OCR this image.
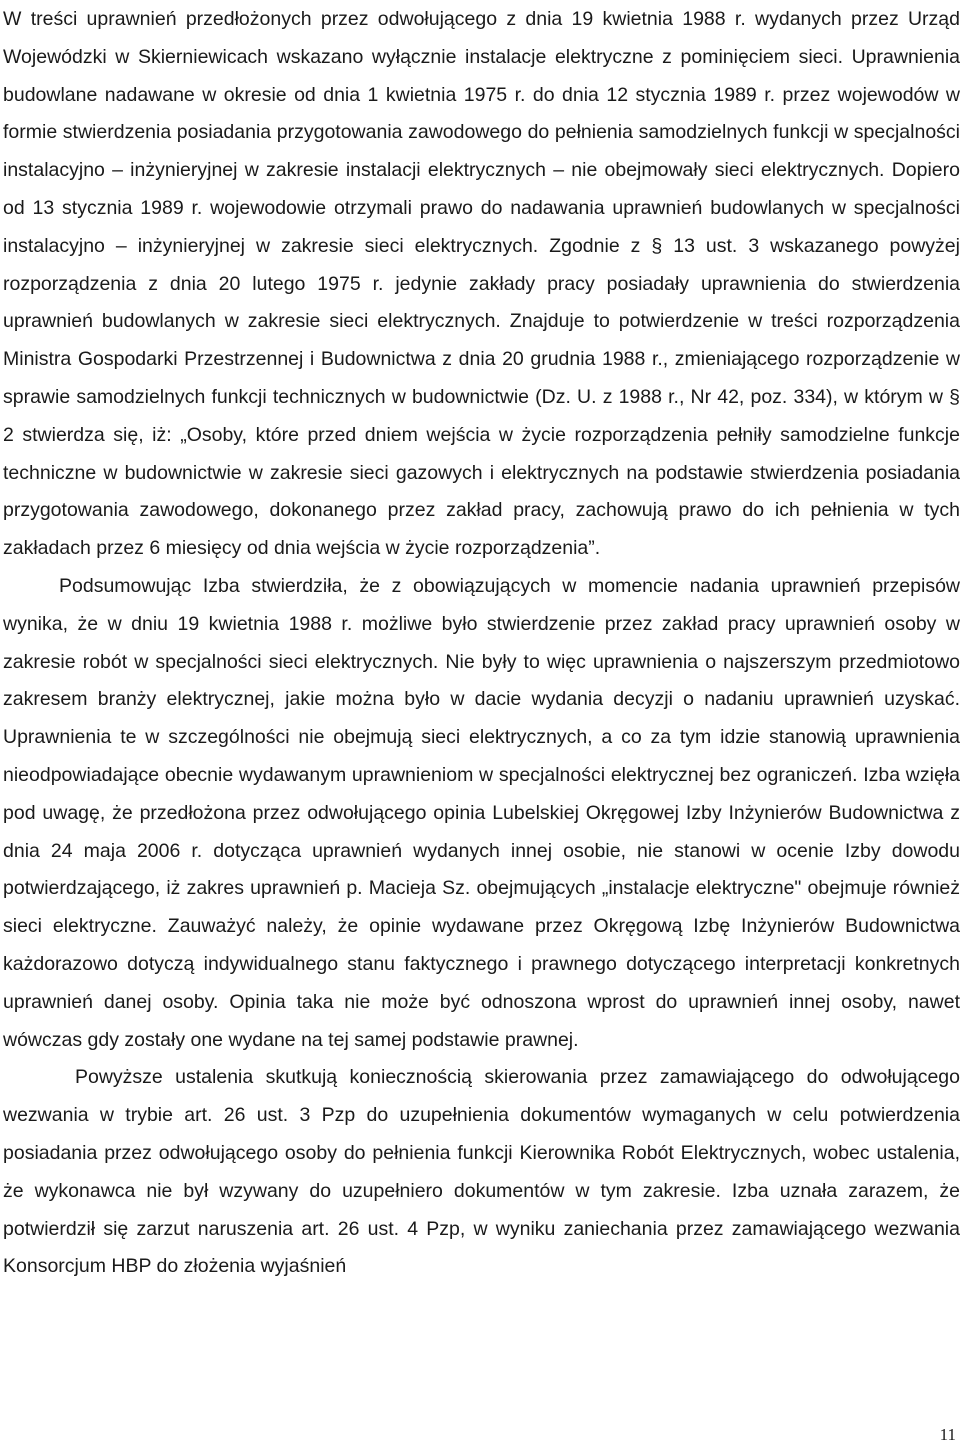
W treści uprawnień przedłożonych przez odwołującego z dnia 19 kwietnia 1988 r. wydanych przez Urząd Wojewódzki w Skierniewicach wskazano wyłącznie instalacje elektryczne z pominięciem sieci. Uprawnienia budowlane nadawane w okresie od dnia 1 kwietnia 1975 r. do dnia 12 stycznia 1989 r. przez wojewodów w formie stwierdzenia posiadania przygotowania zawodowego do pełnienia samodzielnych funkcji w specjalności instalacyjno – inżynieryjnej w zakresie instalacji elektrycznych – nie obejmowały sieci elektrycznych. Dopiero od 13 stycznia 1989 r. wojewodowie otrzymali prawo do nadawania uprawnień budowlanych w specjalności instalacyjno – inżynieryjnej w zakresie sieci elektrycznych. Zgodnie z § 13 ust. 3 wskazanego powyżej rozporządzenia z dnia 20 lutego 1975 r. jedynie zakłady pracy posiadały uprawnienia do stwierdzenia uprawnień budowlanych w zakresie sieci elektrycznych. Znajduje to potwierdzenie w treści rozporządzenia Ministra Gospodarki Przestrzennej i Budownictwa z dnia 20 grudnia 1988 r., zmieniającego rozporządzenie w sprawie samodzielnych funkcji technicznych w budownictwie (Dz. U. z 1988 r., Nr 42, poz. 334), w którym w § 2 stwierdza się, iż: „Osoby, które przed dniem wejścia w życie rozporządzenia pełniły samodzielne funkcje techniczne w budownictwie w zakresie sieci gazowych i elektrycznych na podstawie stwierdzenia posiadania przygotowania zawodowego, dokonanego przez zakład pracy, zachowują prawo do ich pełnienia w tych zakładach przez 6 miesięcy od dnia wejścia w życie rozporządzenia”.

Podsumowując Izba stwierdziła, że z obowiązujących w momencie nadania uprawnień przepisów wynika, że w dniu 19 kwietnia 1988 r. możliwe było stwierdzenie przez zakład pracy uprawnień osoby w zakresie robót w specjalności sieci elektrycznych. Nie były to więc uprawnienia o najszerszym przedmiotowo zakresem branży elektrycznej, jakie można było w dacie wydania decyzji o nadaniu uprawnień uzyskać. Uprawnienia te w szczególności nie obejmują sieci elektrycznych, a co za tym idzie stanowią uprawnienia nieodpowiadające obecnie wydawanym uprawnieniom w specjalności elektrycznej bez ograniczeń. Izba wzięła pod uwagę, że przedłożona przez odwołującego opinia Lubelskiej Okręgowej Izby Inżynierów Budownictwa z dnia 24 maja 2006 r. dotycząca uprawnień wydanych innej osobie, nie stanowi w ocenie Izby dowodu potwierdzającego, iż zakres uprawnień p. Macieja Sz. obejmujących „instalacje elektryczne" obejmuje również sieci elektryczne. Zauważyć należy, że opinie wydawane przez Okręgową Izbę Inżynierów Budownictwa każdorazowo dotyczą indywidualnego stanu faktycznego i prawnego dotyczącego interpretacji konkretnych uprawnień danej osoby. Opinia taka nie może być odnoszona wprost do uprawnień innej osoby, nawet wówczas gdy zostały one wydane na tej samej podstawie prawnej.

Powyższe ustalenia skutkują koniecznością skierowania przez zamawiającego do odwołującego wezwania w trybie art. 26 ust. 3 Pzp do uzupełnienia dokumentów wymaganych w celu potwierdzenia posiadania przez odwołującego osoby do pełnienia funkcji Kierownika Robót Elektrycznych, wobec ustalenia, że wykonawca nie był wzywany do uzupełniero dokumentów w tym zakresie. Izba uznała zarazem, że potwierdził się zarzut naruszenia art. 26 ust. 4 Pzp, w wyniku zaniechania przez zamawiającego wezwania Konsorcjum HBP do złożenia wyjaśnień

11
